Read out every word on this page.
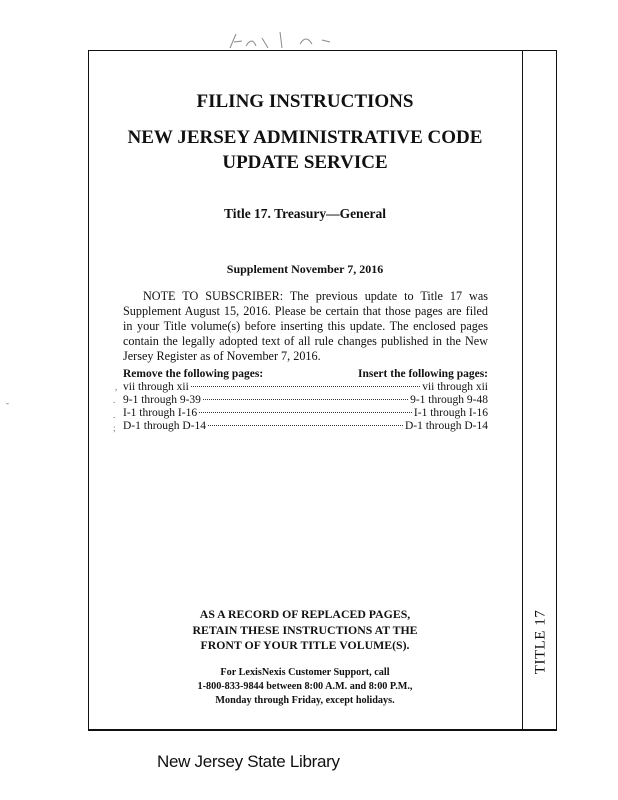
TITLE 17
FILING INSTRUCTIONS
NEW JERSEY ADMINISTRATIVE CODE
UPDATE SERVICE
Title 17. Treasury—General
Supplement November 7, 2016

NOTE TO SUBSCRIBER: The previous update to Title 17 was Supplement August 15, 2016. Please be certain that those pages are filed in your Title volume(s) before inserting this update. The enclosed pages contain the legally adopted text of all rule changes published in the New Jersey Register as of November 7, 2016.

Remove the following pages:	Insert the following pages:
vii through xii	vii through xii
9-1 through 9-39	9-1 through 9-48
I-1 through I-16	I-1 through I-16
D-1 through D-14	D-1 through D-14
AS A RECORD OF REPLACED PAGES,
RETAIN THESE INSTRUCTIONS AT THE
FRONT OF YOUR TITLE VOLUME(S).
For LexisNexis Customer Support, call
1-800-833-9844 between 8:00 A.M. and 8:00 P.M.,
Monday through Friday, except holidays.
New Jersey State Library
,
.
.
;
-
